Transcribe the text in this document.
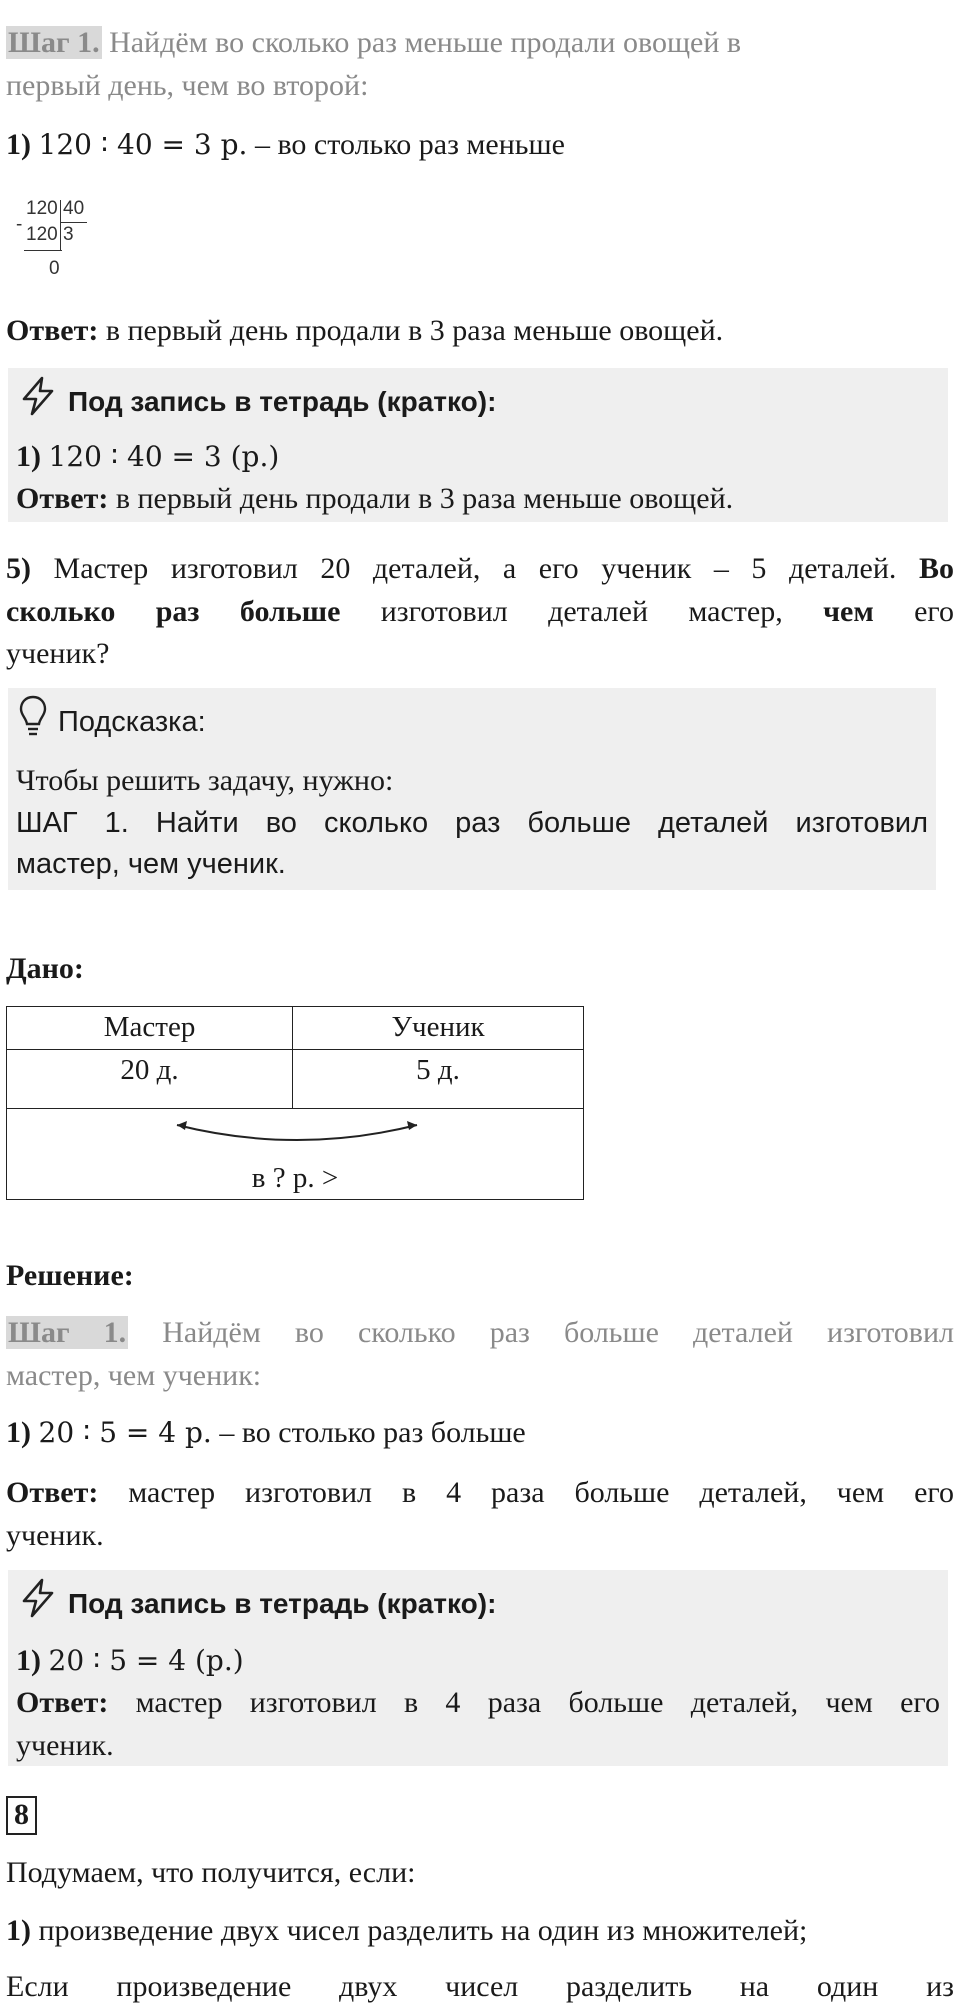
Шаг 1. Найдём во сколько раз меньше продали овощей в

первый день, чем во второй:

1) 120 ∶ 40 = 3 р. – во столько раз меньше
120 40
- 120 3
0
Ответ: в первый день продали в 3 раза меньше овощей.
Под запись в тетрадь (кратко) :
1) 120 ∶ 40 = 3 (р.)
Ответ: в первый день продали в 3 раза меньше овощей.

5) Мастер изготовил 20 деталей, а его ученик – 5 деталей. Во

сколько раз больше изготовил деталей мастер, чем его

ученик?

Подсказка:

Чтобы решить задачу, нужно:

ШАГ 1. Найти во сколько раз больше деталей изготовил

мастер, чем ученик.

Дано:
Мастер	Ученик
20 д.	5 д.

в ? р. >	
Решение:

Шаг 1. Найдём во сколько раз больше деталей изготовил

мастер, чем ученик:

1) 20 ∶ 5 = 4 р. – во столько раз больше

Ответ: мастер изготовил в 4 раза больше деталей, чем его

ученик.

Под запись в тетрадь (кратко) :
1) 20 ∶ 5 = 4 (р.)

Ответ: мастер изготовил в 4 раза больше деталей, чем его

ученик.

8
Подумаем, что получится, если:
1) произведение двух чисел разделить на один из множителей;
Если произведение двух чисел разделить на один из
